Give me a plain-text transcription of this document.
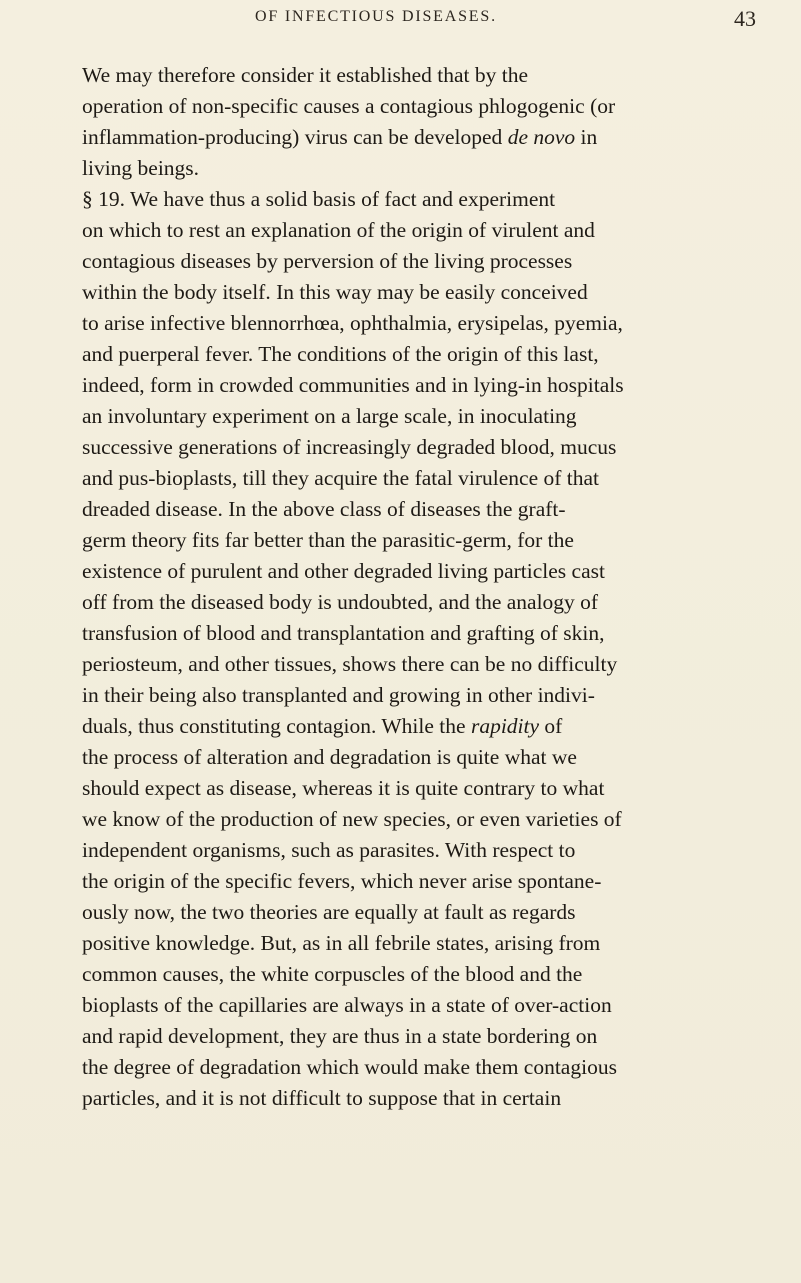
OF INFECTIOUS DISEASES.	43
We may therefore consider it established that by the
operation of non-specific causes a contagious phlogogenic (or
inflammation-producing) virus can be developed de novo in
living beings.
§ 19. We have thus a solid basis of fact and experiment
on which to rest an explanation of the origin of virulent and
contagious diseases by perversion of the living processes
within the body itself. In this way may be easily conceived
to arise infective blennorrhœa, ophthalmia, erysipelas, pyemia,
and puerperal fever. The conditions of the origin of this last,
indeed, form in crowded communities and in lying-in hospitals
an involuntary experiment on a large scale, in inoculating
successive generations of increasingly degraded blood, mucus
and pus-bioplasts, till they acquire the fatal virulence of that
dreaded disease. In the above class of diseases the graft-
germ theory fits far better than the parasitic-germ, for the
existence of purulent and other degraded living particles cast
off from the diseased body is undoubted, and the analogy of
transfusion of blood and transplantation and grafting of skin,
periosteum, and other tissues, shows there can be no difficulty
in their being also transplanted and growing in other indivi-
duals, thus constituting contagion. While the rapidity of
the process of alteration and degradation is quite what we
should expect as disease, whereas it is quite contrary to what
we know of the production of new species, or even varieties of
independent organisms, such as parasites. With respect to
the origin of the specific fevers, which never arise spontane-
ously now, the two theories are equally at fault as regards
positive knowledge. But, as in all febrile states, arising from
common causes, the white corpuscles of the blood and the
bioplasts of the capillaries are always in a state of over-action
and rapid development, they are thus in a state bordering on
the degree of degradation which would make them contagious
particles, and it is not difficult to suppose that in certain
